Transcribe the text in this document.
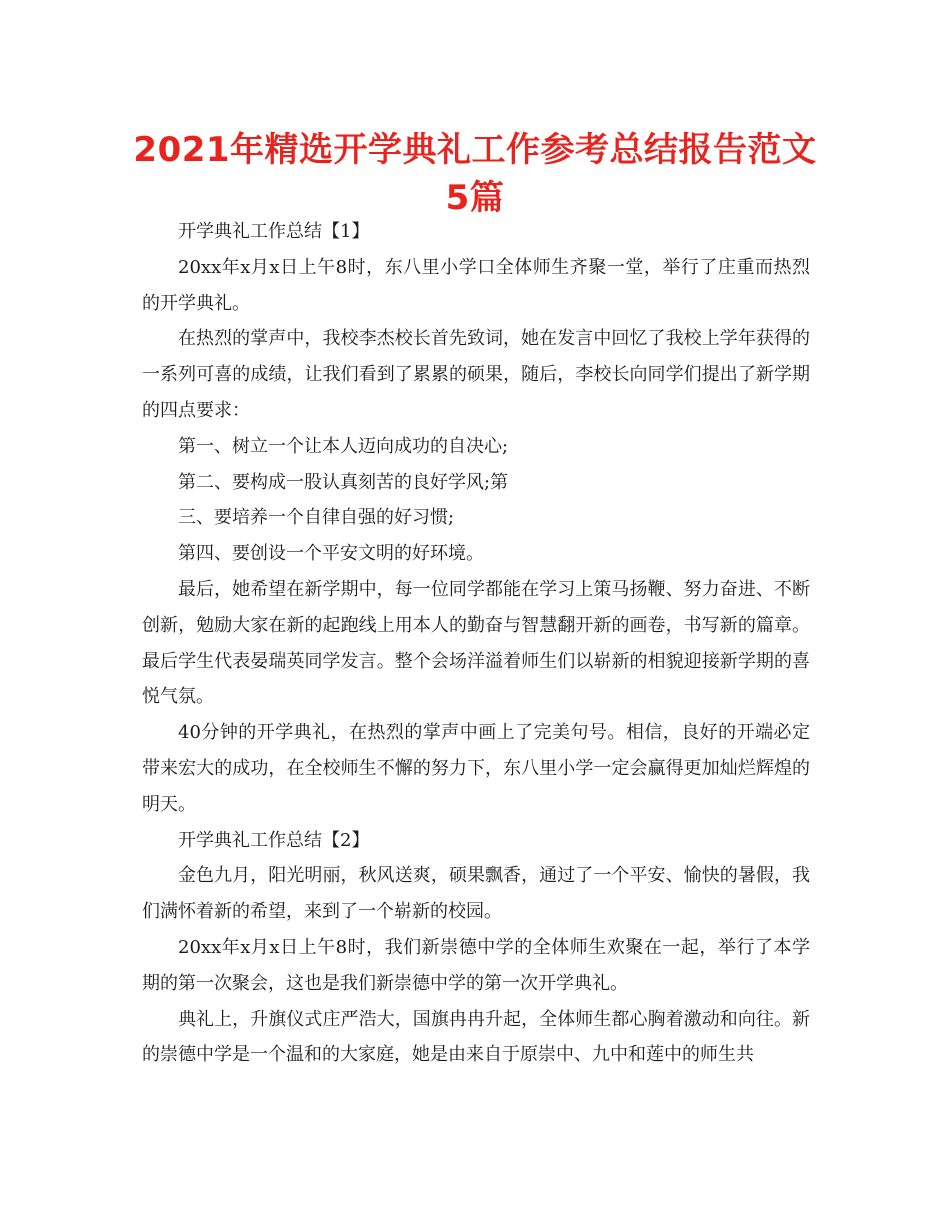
2021年精选开学典礼工作参考总结报告范文5篇

开学典礼工作总结【1】

20xx年x月x日上午8时，东八里小学口全体师生齐聚一堂，举行了庄重而热烈的开学典礼。

在热烈的掌声中，我校李杰校长首先致词，她在发言中回忆了我校上学年获得的一系列可喜的成绩，让我们看到了累累的硕果，随后，李校长向同学们提出了新学期的四点要求：

第一、树立一个让本人迈向成功的自决心;

第二、要构成一股认真刻苦的良好学风;第

三、要培养一个自律自强的好习惯;

第四、要创设一个平安文明的好环境。

最后，她希望在新学期中，每一位同学都能在学习上策马扬鞭、努力奋进、不断创新，勉励大家在新的起跑线上用本人的勤奋与智慧翻开新的画卷，书写新的篇章。最后学生代表晏瑞英同学发言。整个会场洋溢着师生们以崭新的相貌迎接新学期的喜悦气氛。

40分钟的开学典礼，在热烈的掌声中画上了完美句号。相信，良好的开端必定带来宏大的成功，在全校师生不懈的努力下，东八里小学一定会赢得更加灿烂辉煌的明天。

开学典礼工作总结【2】

金色九月，阳光明丽，秋风送爽，硕果飘香，通过了一个平安、愉快的暑假，我们满怀着新的希望，来到了一个崭新的校园。

20xx年x月x日上午8时，我们新崇德中学的全体师生欢聚在一起，举行了本学期的第一次聚会，这也是我们新崇德中学的第一次开学典礼。

典礼上，升旗仪式庄严浩大，国旗冉冉升起，全体师生都心胸着激动和向往。新的崇德中学是一个温和的大家庭，她是由来自于原崇中、九中和莲中的师生共
